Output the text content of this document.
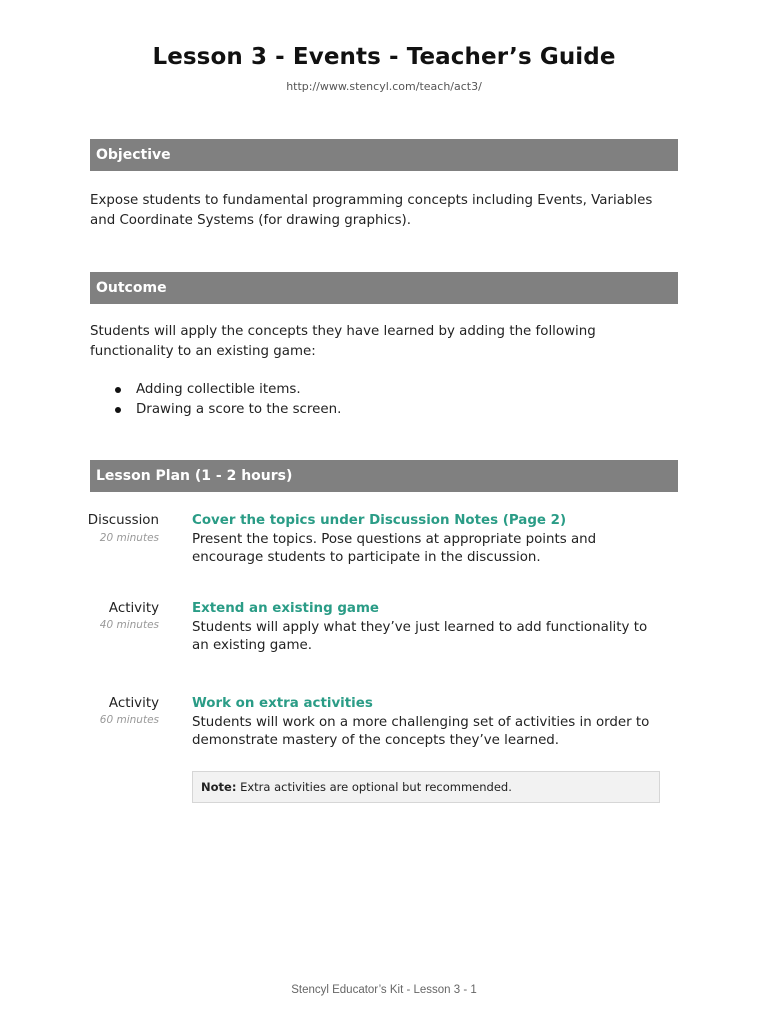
Lesson 3 - Events - Teacher’s Guide
http://www.stencyl.com/teach/act3/
Objective
Expose students to fundamental programming concepts including Events, Variables and Coordinate Systems (for drawing graphics).
Outcome
Students will apply the concepts they have learned by adding the following functionality to an existing game:
Adding collectible items.
Drawing a score to the screen.
Lesson Plan (1 - 2 hours)
Discussion
20 minutes
Cover the topics under Discussion Notes (Page 2)
Present the topics. Pose questions at appropriate points and encourage students to participate in the discussion.
Activity
40 minutes
Extend an existing game
Students will apply what they’ve just learned to add functionality to an existing game.
Activity
60 minutes
Work on extra activities
Students will work on a more challenging set of activities in order to demonstrate mastery of the concepts they’ve learned.
Note: Extra activities are optional but recommended.
Stencyl Educator’s Kit - Lesson 3 - 1
